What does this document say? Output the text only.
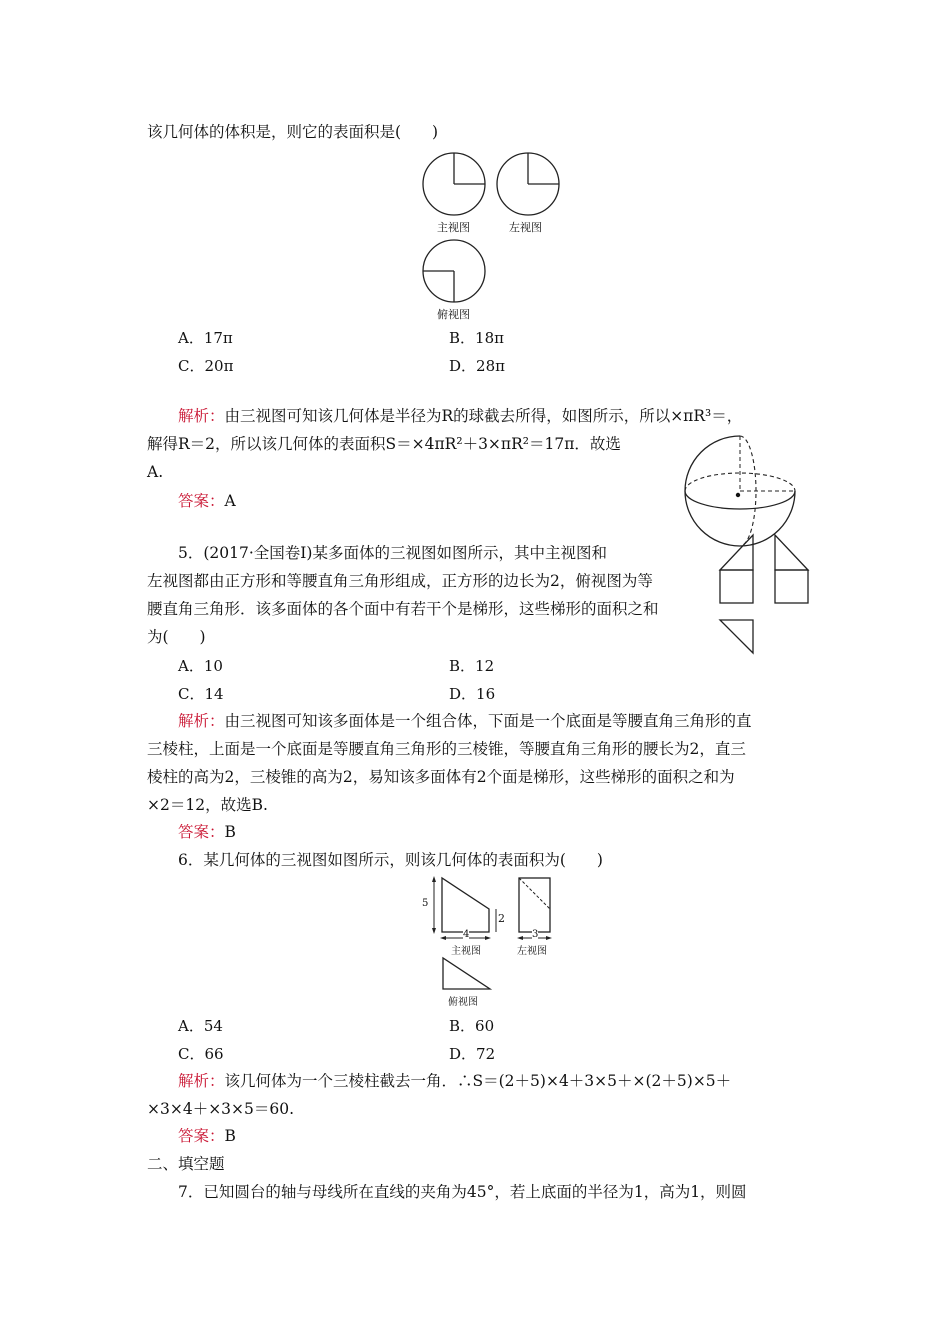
该几何体的体积是，则它的表面积是(　　)
主视图	左视图
俯视图
A．17π	B．18π
C．20π	D．28π
解析：由三视图可知该几何体是半径为R的球截去所得，如图所示，所以×πR³＝，
解得R＝2，所以该几何体的表面积S＝×4πR²＋3×πR²＝17π．故选
A.
答案：A
5．(2017·全国卷Ⅰ)某多面体的三视图如图所示，其中主视图和
左视图都由正方形和等腰直角三角形组成，正方形的边长为2，俯视图为等
腰直角三角形．该多面体的各个面中有若干个是梯形，这些梯形的面积之和
为(　　)
A．10	B．12
C．14	D．16
解析：由三视图可知该多面体是一个组合体，下面是一个底面是等腰直角三角形的直
三棱柱，上面是一个底面是等腰直角三角形的三棱锥，等腰直角三角形的腰长为2，直三
棱柱的高为2，三棱锥的高为2，易知该多面体有2个面是梯形，这些梯形的面积之和为
×2＝12，故选B.
答案：B
6．某几何体的三视图如图所示，则该几何体的表面积为(　　)
5
2
4
主视图
3
左视图
俯视图
A．54	B．60
C．66	D．72
解析：该几何体为一个三棱柱截去一角．∴S＝(2＋5)×4＋3×5＋×(2＋5)×5＋
×3×4＋×3×5＝60.
答案：B
二、填空题
7．已知圆台的轴与母线所在直线的夹角为45°，若上底面的半径为1，高为1，则圆
